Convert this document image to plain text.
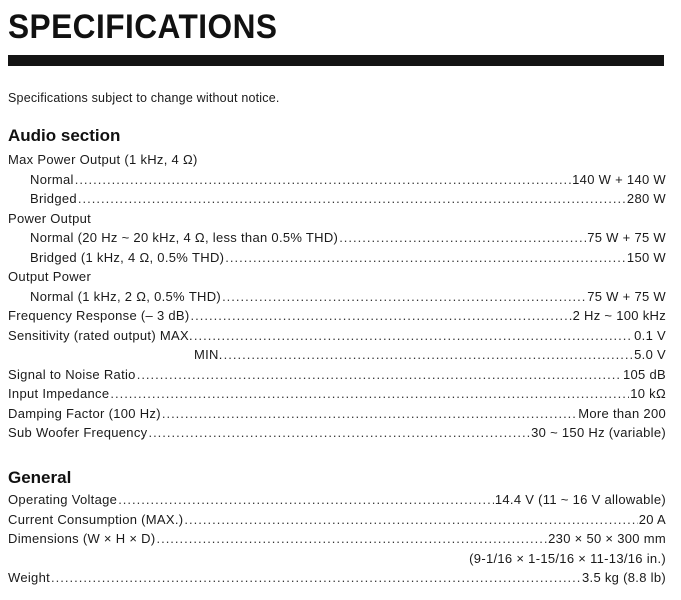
SPECIFICATIONS
Specifications subject to change without notice.
Audio section
Max Power Output (1 kHz, 4 Ω)
Normal .....	140 W + 140 W
Bridged .....	280 W
Power Output
Normal (20 Hz ~ 20 kHz, 4 Ω, less than 0.5% THD) .....	75 W + 75 W
Bridged (1 kHz, 4 Ω, 0.5% THD) .....	150 W
Output Power
Normal (1 kHz, 2 Ω, 0.5% THD) .....	75 W + 75 W
Frequency Response (– 3 dB) .....	2 Hz ~ 100 kHz
Sensitivity (rated output) MAX. .....	0.1 V
MIN. .....	5.0 V
Signal to Noise Ratio .....	105 dB
Input Impedance .....	10 kΩ
Damping Factor (100 Hz) .....	More than 200
Sub Woofer Frequency .....	30 ~ 150 Hz (variable)
General
Operating Voltage .....	14.4 V (11 ~ 16 V allowable)
Current Consumption (MAX.) .....	20 A
Dimensions (W × H × D) .....	230 × 50 × 300 mm
(9-1/16 × 1-15/16 × 11-13/16 in.)
Weight .....	3.5 kg (8.8 lb)
